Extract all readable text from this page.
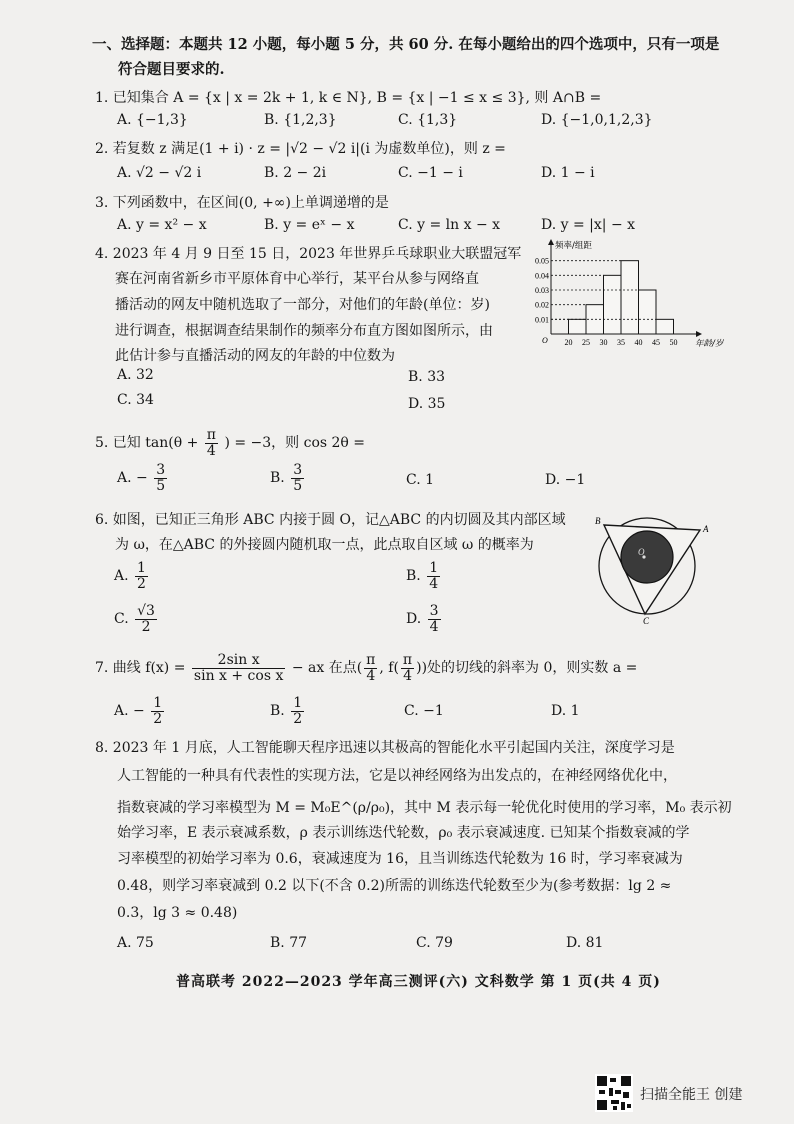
一、选择题：本题共 12 小题，每小题 5 分，共 60 分. 在每小题给出的四个选项中，只有一项是
符合题目要求的.
1. 已知集合 A = {x | x = 2k + 1, k ∈ N}, B = {x | −1 ≤ x ≤ 3}, 则 A∩B =
A. {−1,3}	B. {1,2,3}	C. {1,3}	D. {−1,0,1,2,3}
2. 若复数 z 满足(1 + i) · z = |√2 − √2 i|(i 为虚数单位)，则 z =
A. √2 − √2 i	B. 2 − 2i	C. −1 − i	D. 1 − i
3. 下列函数中，在区间(0, +∞)上单调递增的是
A. y = x² − x	B. y = eˣ − x	C. y = ln x − x	D. y = |x| − x
4. 2023 年 4 月 9 日至 15 日，2023 年世界乒乓球职业大联盟冠军
赛在河南省新乡市平原体育中心举行，某平台从参与网络直
播活动的网友中随机选取了一部分，对他们的年龄(单位：岁)
进行调查，根据调查结果制作的频率分布直方图如图所示，由
此估计参与直播活动的网友的年龄的中位数为
A. 32	B. 33
C. 34	D. 35
0.01
0.02
0.03
0.04
0.05
20 25 30 35 40 45 50
O
频率/组距
年龄/岁
5. 已知 $\tan(\theta + \frac{\pi}{4}$ ) = −3，则 cos 2θ =
A. − $\frac{3}{5}$	B. $\frac{3}{5}$	C. 1	D. −1
6. 如图，已知正三角形 ABC 内接于圆 O，记△ABC 的内切圆及其内部区域
为 ω，在△ABC 的外接圆内随机取一点，此点取自区域 ω 的概率为
A. $\frac{1}{2}$	B. $\frac{1}{4}$
C. $\frac{√3}{2}$	D. $\frac{3}{4}$
O
B
A
C
7. 曲线 $f(x) = \frac{\text{2sin x}}{\text{sin x + cos x}}$ − ax 在点( $\frac{\pi}{4}$ , $f( \frac{\pi}{4}$ ))处的切线的斜率为 0，则实数 a =
A. − $\frac{1}{2}$	B. $\frac{1}{2}$	C. −1	D. 1
8. 2023 年 1 月底，人工智能聊天程序迅速以其极高的智能化水平引起国内关注，深度学习是
人工智能的一种具有代表性的实现方法，它是以神经网络为出发点的，在神经网络优化中，
指数衰减的学习率模型为 M = M₀E^(ρ/ρ₀)，其中 M 表示每一轮优化时使用的学习率，M₀ 表示初
始学习率，E 表示衰减系数，ρ 表示训练迭代轮数，ρ₀ 表示衰减速度. 已知某个指数衰减的学
习率模型的初始学习率为 0.6，衰减速度为 16，且当训练迭代轮数为 16 时，学习率衰减为
0.48，则学习率衰减到 0.2 以下(不含 0.2)所需的训练迭代轮数至少为(参考数据：lg 2 ≈
0.3，lg 3 ≈ 0.48)
A. 75	B. 77	C. 79	D. 81
普高联考 2022—2023 学年高三测评(六) 文科数学 第 1 页(共 4 页)
扫描全能王 创建
